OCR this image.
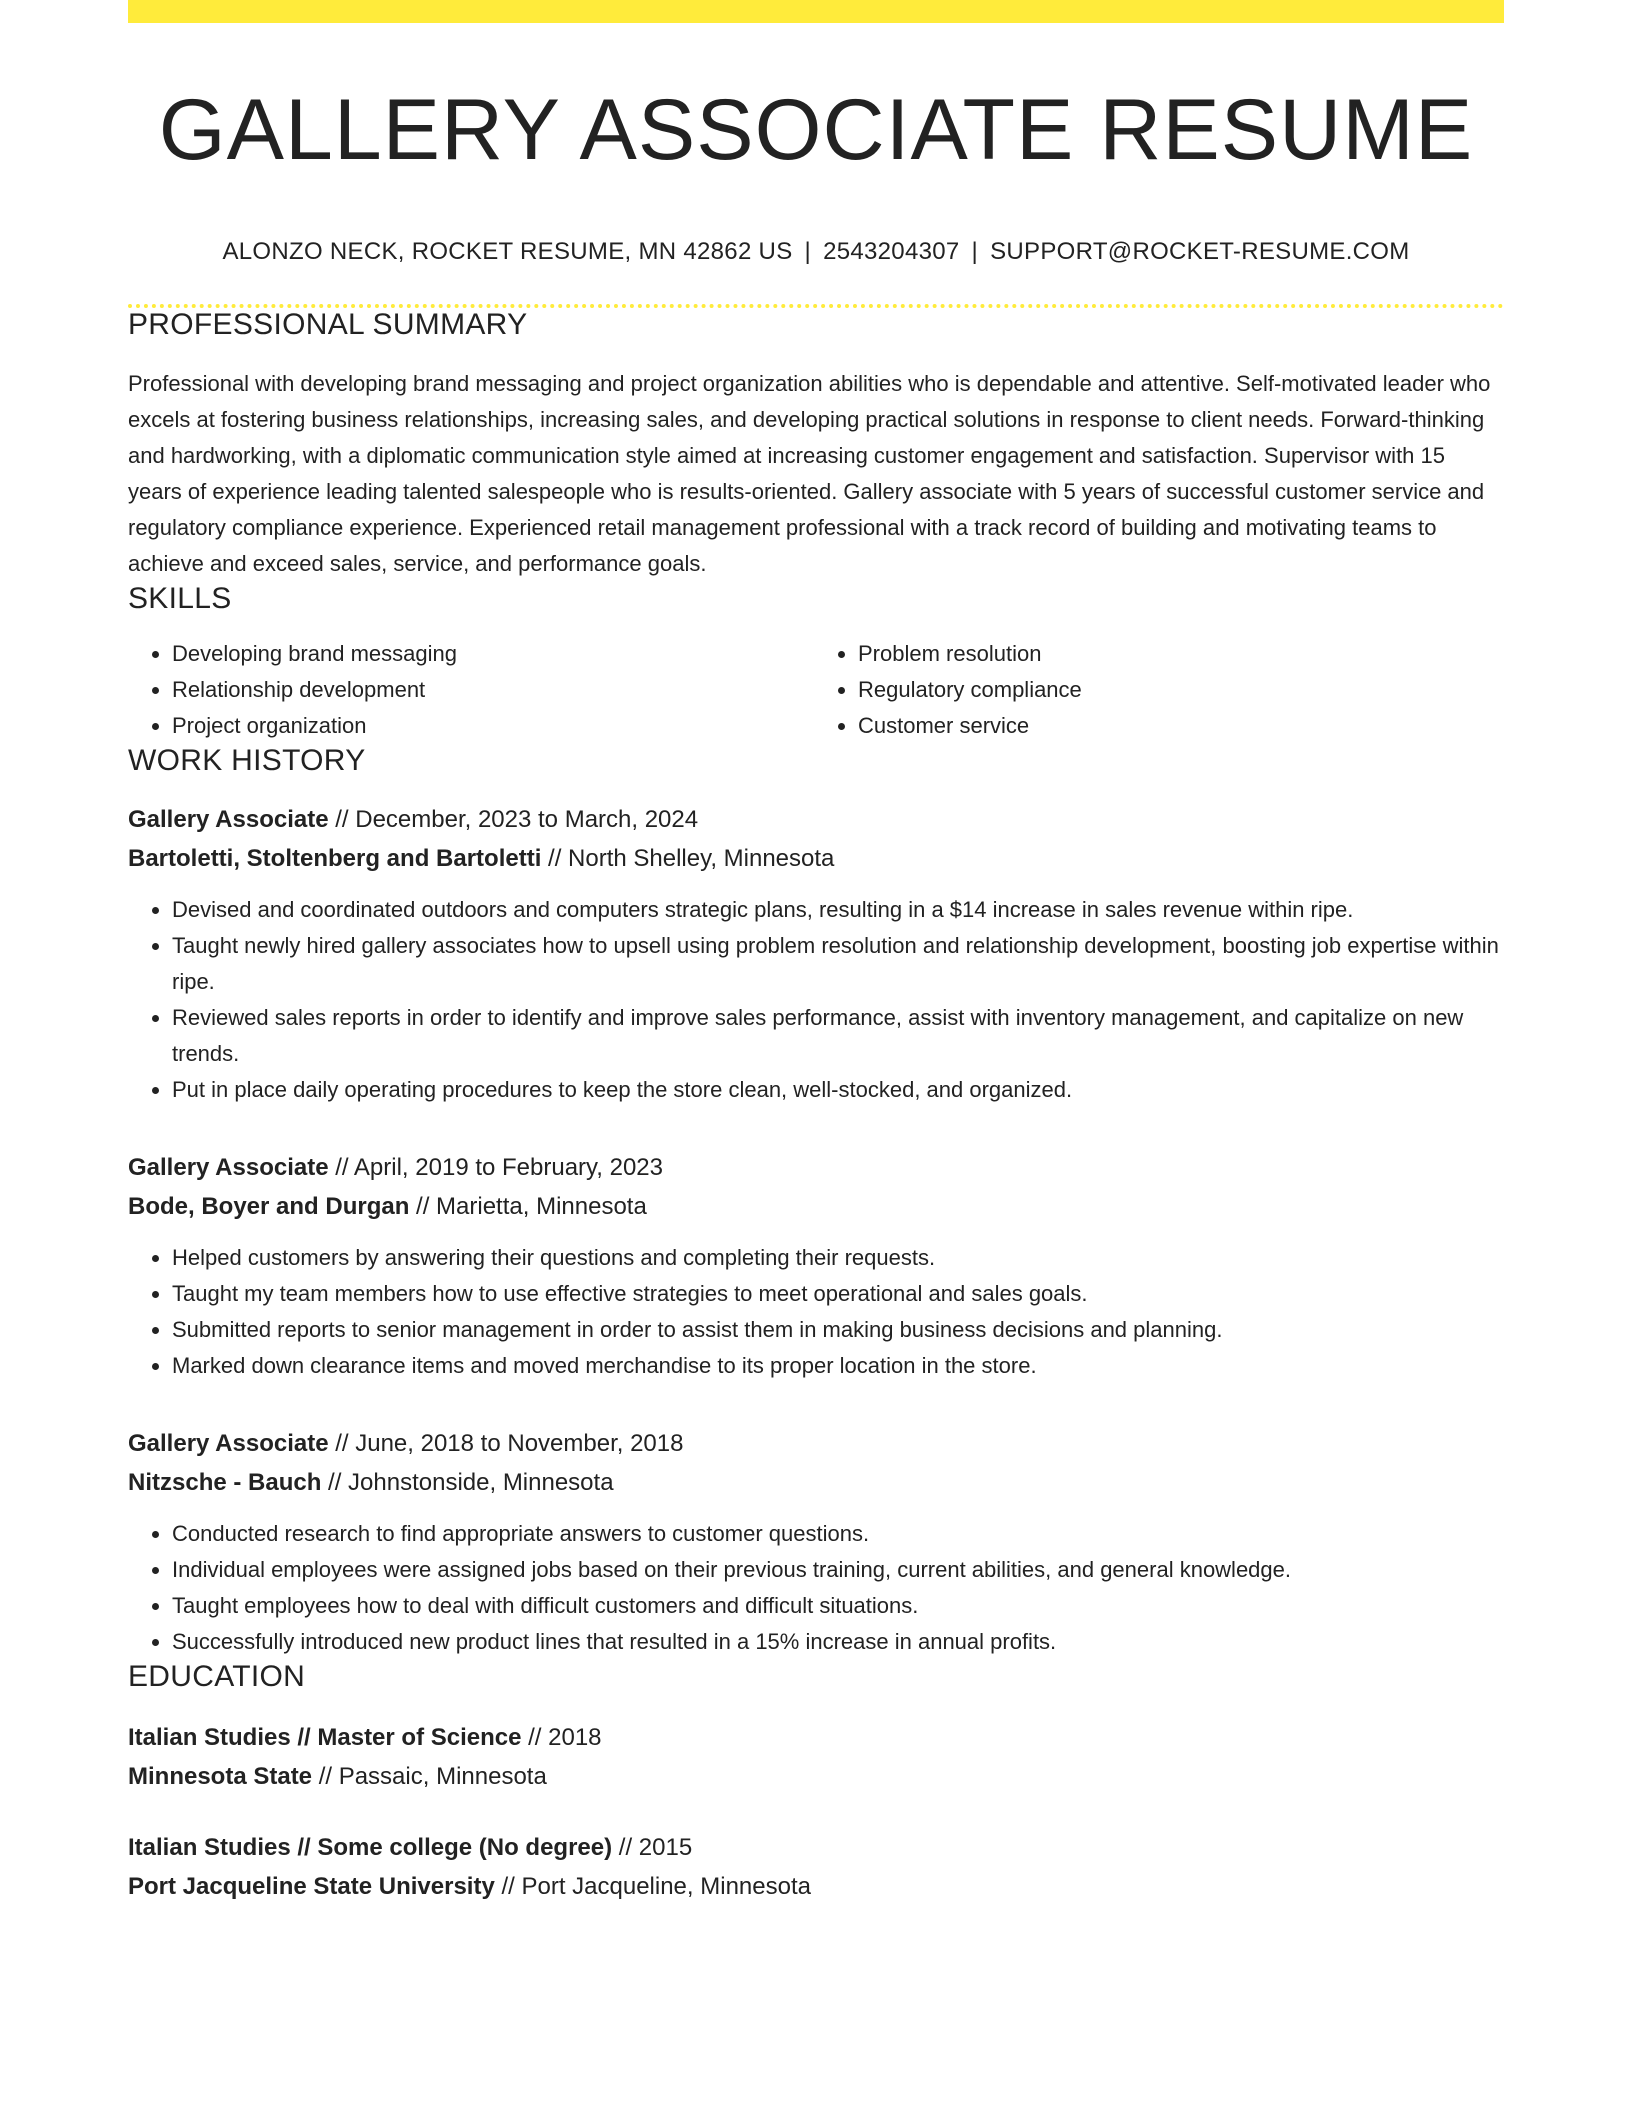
GALLERY ASSOCIATE RESUME
ALONZO NECK, ROCKET RESUME, MN 42862 US | 2543204307 | SUPPORT@ROCKET-RESUME.COM
PROFESSIONAL SUMMARY

Professional with developing brand messaging and project organization abilities who is dependable and attentive. Self-motivated leader who excels at fostering business relationships, increasing sales, and developing practical solutions in response to client needs. Forward-thinking and hardworking, with a diplomatic communication style aimed at increasing customer engagement and satisfaction. Supervisor with 15 years of experience leading talented salespeople who is results-oriented. Gallery associate with 5 years of successful customer service and regulatory compliance experience. Experienced retail management professional with a track record of building and motivating teams to achieve and exceed sales, service, and performance goals.

SKILLS
• Developing brand messaging
• Relationship development
• Project organization
• Problem resolution
• Regulatory compliance
• Customer service
WORK HISTORY
Gallery Associate // December, 2023 to March, 2024
Bartoletti, Stoltenberg and Bartoletti // North Shelley, Minnesota
• Devised and coordinated outdoors and computers strategic plans, resulting in a $14 increase in sales revenue within ripe.
• Taught newly hired gallery associates how to upsell using problem resolution and relationship development, boosting job expertise within ripe.
• Reviewed sales reports in order to identify and improve sales performance, assist with inventory management, and capitalize on new trends.
• Put in place daily operating procedures to keep the store clean, well-stocked, and organized.
Gallery Associate // April, 2019 to February, 2023
Bode, Boyer and Durgan // Marietta, Minnesota
• Helped customers by answering their questions and completing their requests.
• Taught my team members how to use effective strategies to meet operational and sales goals.
• Submitted reports to senior management in order to assist them in making business decisions and planning.
• Marked down clearance items and moved merchandise to its proper location in the store.
Gallery Associate // June, 2018 to November, 2018
Nitzsche - Bauch // Johnstonside, Minnesota
• Conducted research to find appropriate answers to customer questions.
• Individual employees were assigned jobs based on their previous training, current abilities, and general knowledge.
• Taught employees how to deal with difficult customers and difficult situations.
• Successfully introduced new product lines that resulted in a 15% increase in annual profits.
EDUCATION
Italian Studies // Master of Science // 2018
Minnesota State // Passaic, Minnesota
Italian Studies // Some college (No degree) // 2015
Port Jacqueline State University // Port Jacqueline, Minnesota
